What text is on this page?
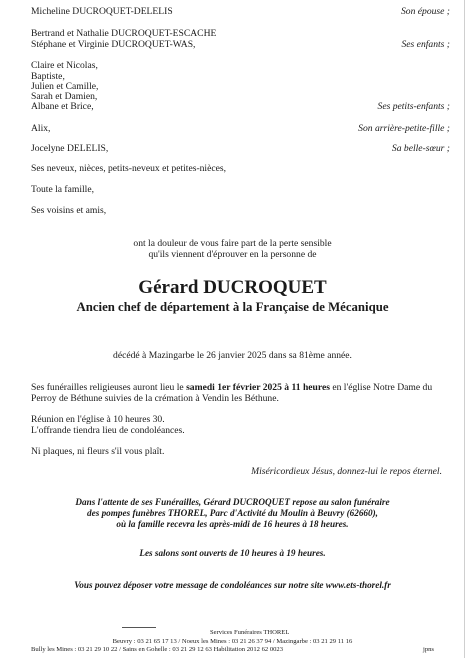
Micheline DUCROQUET-DELELIS	Son épouse ;
Bertrand et Nathalie DUCROQUET-ESCACHE
Stéphane et Virginie DUCROQUET-WAS,	Ses enfants ;
Claire et Nicolas,
Baptiste,
Julien et Camille,
Sarah et Damien,
Albane et Brice,	Ses petits-enfants ;
Alix,	Son arrière-petite-fille ;
Jocelyne DELELIS,	Sa belle-sœur ;
Ses neveux, nièces, petits-neveux et petites-nièces,
Toute la famille,
Ses voisins et amis,
ont la douleur de vous faire part de la perte sensible
qu'ils viennent d'éprouver en la personne de
Gérard DUCROQUET
Ancien chef de département à la Française de Mécanique
décédé à Mazingarbe le 26 janvier 2025 dans sa 81ème année.
Ses funérailles religieuses auront lieu le samedi 1er février 2025 à 11 heures en l'église Notre Dame du
Perroy de Béthune suivies de la crémation à Vendin les Béthune.
Réunion en l'église à 10 heures 30.
L'offrande tiendra lieu de condoléances.
Ni plaques, ni fleurs s'il vous plaît.
Miséricordieux Jésus, donnez-lui le repos éternel.
Dans l'attente de ses Funérailles, Gérard DUCROQUET repose au salon funéraire
des pompes funèbres THOREL, Parc d'Activité du Moulin à Beuvry (62660),
où la famille recevra les après-midi de 16 heures à 18 heures.
Les salons sont ouverts de 10 heures à 19 heures.
Vous pouvez déposer votre message de condoléances sur notre site www.ets-thorel.fr
Services Funéraires THOREL
Beuvry : 03 21 65 17 13 / Noeux les Mines : 03 21 26 37 94 / Mazingarbe : 03 21 29 11 16
Bully les Mines : 03 21 29 10 22 / Sains en Gohelle : 03 21 29 12 63 Habilitation 2012 62 0023	jpns
